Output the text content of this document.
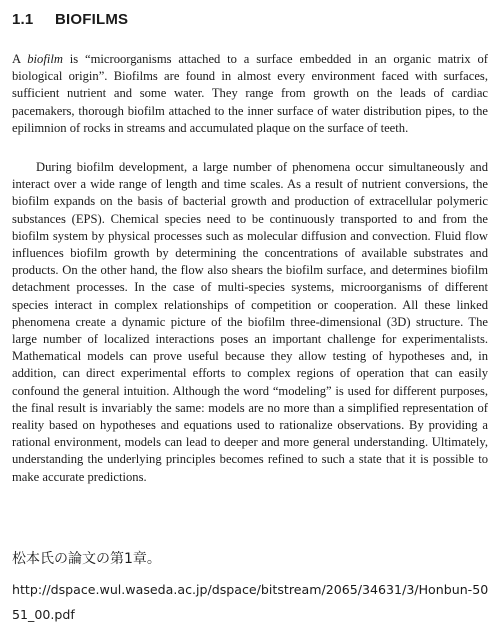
1.1 BIOFILMS

A biofilm is “microorganisms attached to a surface embedded in an organic matrix of biological origin”. Biofilms are found in almost every environment faced with surfaces, sufficient nutrient and some water. They range from growth on the leads of cardiac pacemakers, thorough biofilm attached to the inner surface of water distribution pipes, to the epilimnion of rocks in streams and accumulated plaque on the surface of teeth.

During biofilm development, a large number of phenomena occur simultaneously and interact over a wide range of length and time scales. As a result of nutrient conversions, the biofilm expands on the basis of bacterial growth and production of extracellular polymeric substances (EPS). Chemical species need to be continuously transported to and from the biofilm system by physical processes such as molecular diffusion and convection. Fluid flow influences biofilm growth by determining the concentrations of available substrates and products. On the other hand, the flow also shears the biofilm surface, and determines biofilm detachment processes. In the case of multi-species systems, microorganisms of different species interact in complex relationships of competition or cooperation. All these linked phenomena create a dynamic picture of the biofilm three-dimensional (3D) structure. The large number of localized interactions poses an important challenge for experimentalists. Mathematical models can prove useful because they allow testing of hypotheses and, in addition, can direct experimental efforts to complex regions of operation that can easily confound the general intuition. Although the word “modeling” is used for different purposes, the final result is invariably the same: models are no more than a simplified representation of reality based on hypotheses and equations used to rationalize observations. By providing a rational environment, models can lead to deeper and more general understanding. Ultimately, understanding the underlying principles becomes refined to such a state that it is possible to make accurate predictions.

松本氏の論文の第1章。

http://dspace.wul.waseda.ac.jp/dspace/bitstream/2065/34631/3/Honbun-5051_00.pdf
